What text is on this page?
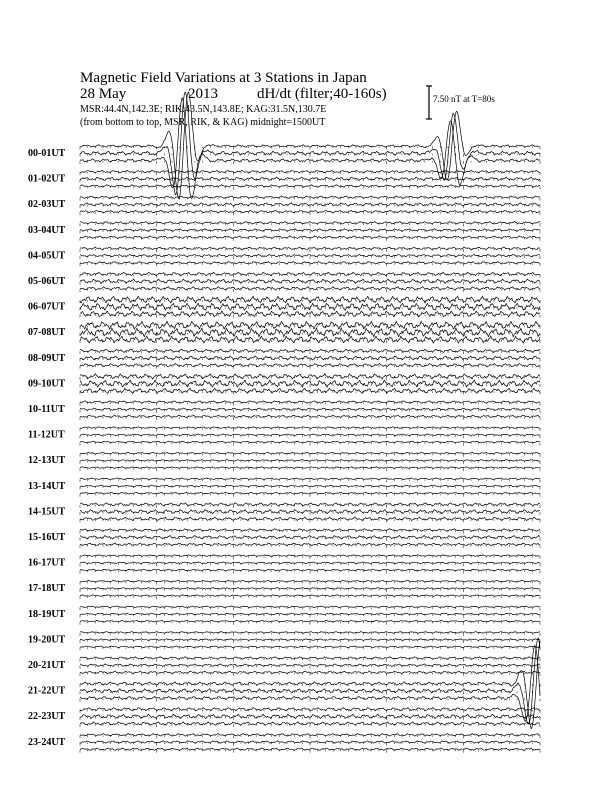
Magnetic Field Variations at 3 Stations in Japan
28 May	2013	dH/dt (filter;40-160s)
MSR:44.4N,142.3E; RIK:43.5N,143.8E; KAG:31.5N,130.7E
(from bottom to top, MSR, RIK, & KAG) midnight=1500UT
7.50 nT at T=80s
00-01UT
01-02UT
02-03UT
03-04UT
04-05UT
05-06UT
06-07UT
07-08UT
08-09UT
09-10UT
10-11UT
11-12UT
12-13UT
13-14UT
14-15UT
15-16UT
16-17UT
17-18UT
18-19UT
19-20UT
20-21UT
21-22UT
22-23UT
23-24UT
